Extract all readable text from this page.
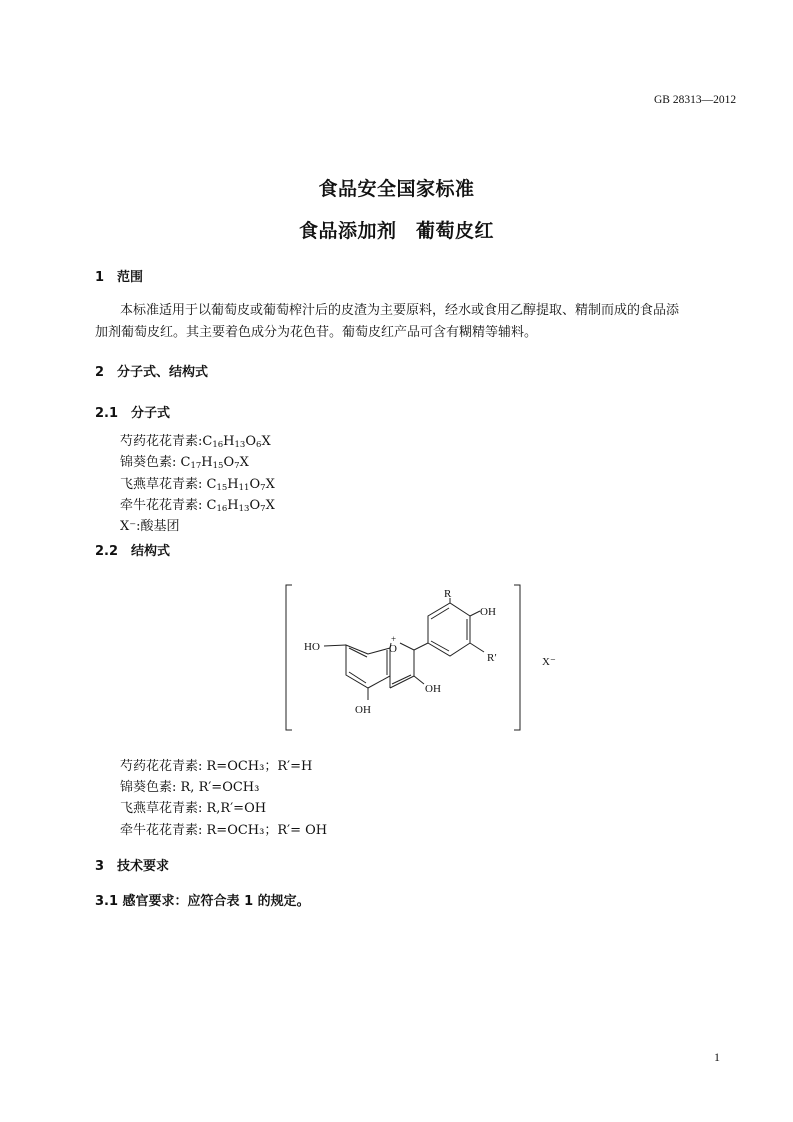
GB 28313—2012
食品安全国家标准
食品添加剂　葡萄皮红
1　范围
本标准适用于以葡萄皮或葡萄榨汁后的皮渣为主要原料，经水或食用乙醇提取、精制而成的食品添
加剂葡萄皮红。其主要着色成分为花色苷。葡萄皮红产品可含有糊精等辅料。
2　分子式、结构式
2.1　分子式
芍药花花青素$:C_{16}H_{13}O_6X$
锦葵色素: $C_{17}H_{15}O_7X$
飞燕草花青素: $C_{15}H_{11}O_7X$
牵牛花花青素: $C_{16}H_{13}O_7X$
X⁻:酸基团
2.2　结构式
R
OH
R′
HO	O
+
OH
OH
X⁻
芍药花花青素: R=OCH₃；R′=H
锦葵色素: R, R′=OCH₃
飞燕草花青素: R,R′=OH
牵牛花花青素: R=OCH₃；R′= OH
3　技术要求
3.1 感官要求：应符合表 1 的规定。
1
